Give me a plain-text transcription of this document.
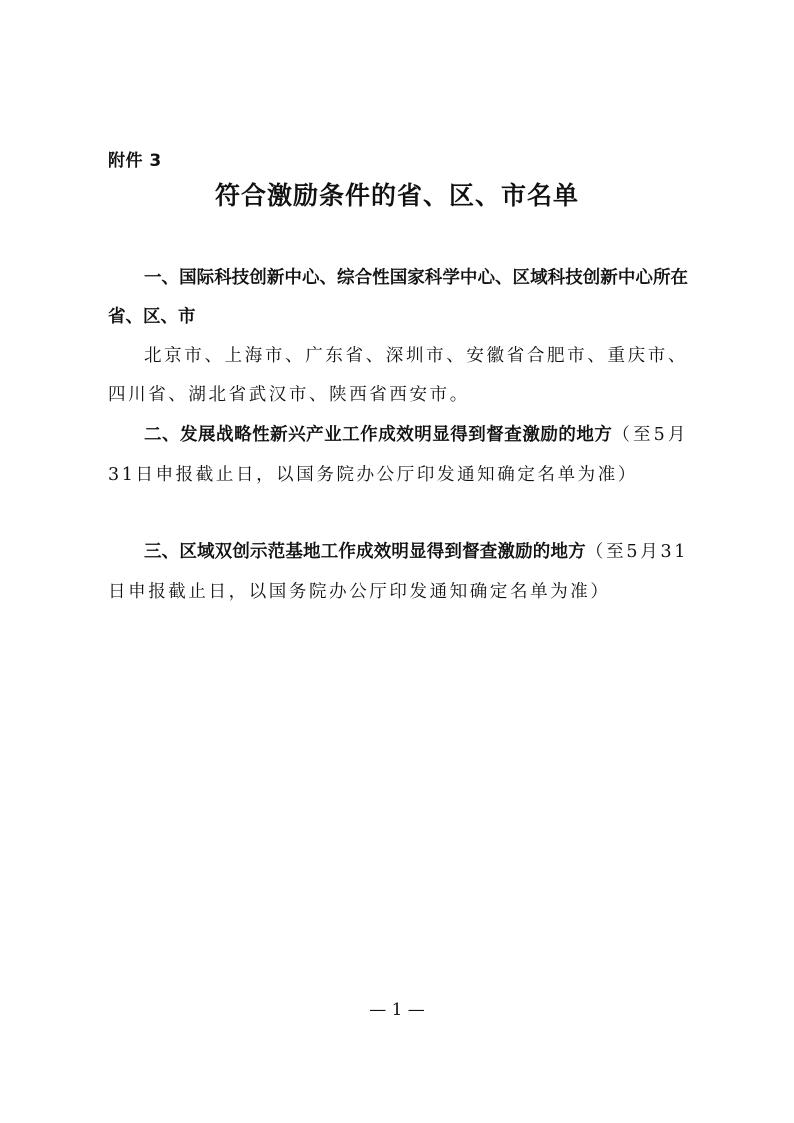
附件 3
符合激励条件的省、区、市名单
一、国际科技创新中心、综合性国家科学中心、区域科技创新中心所在省、区、市
北京市、上海市、广东省、深圳市、安徽省合肥市、重庆市、四川省、湖北省武汉市、陕西省西安市。
二、发展战略性新兴产业工作成效明显得到督查激励的地方（至5月31日申报截止日，以国务院办公厅印发通知确定名单为准）
三、区域双创示范基地工作成效明显得到督查激励的地方（至5月31日申报截止日，以国务院办公厅印发通知确定名单为准）
— 1 —
